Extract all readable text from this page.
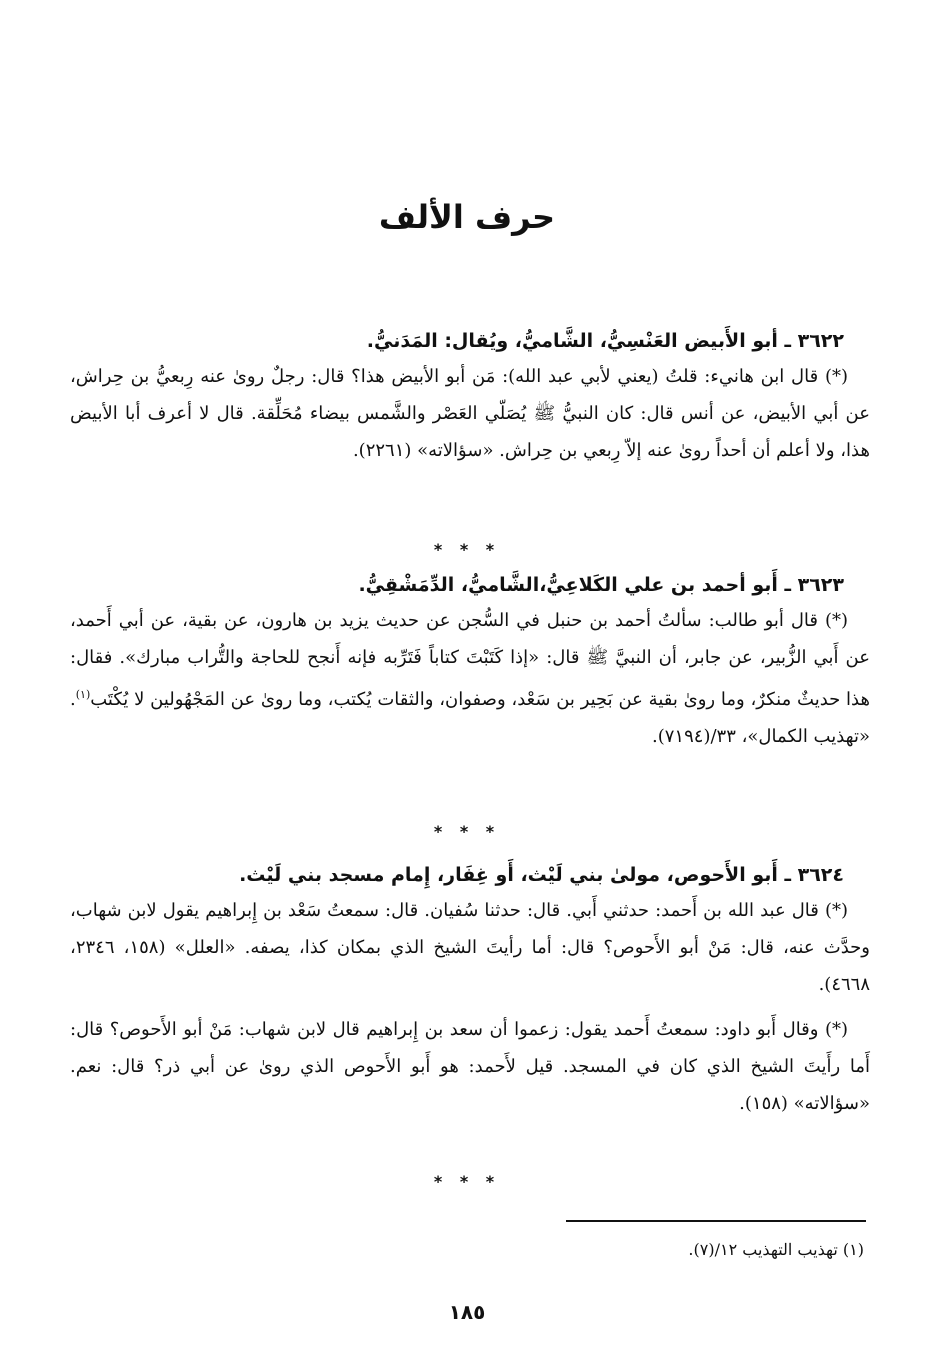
حرف الألف

٣٦٢٢ ـ أبو الأَبيض العَنْسِيُّ، الشَّاميُّ، ويُقال: المَدَنيُّ.

(*) قال ابن هانيء: قلتُ (يعني لأبي عبد الله): مَن أبو الأبيض هذا؟ قال: رجلٌ روىٰ عنه رِبعيُّ بن حِراش، عن أبي الأبيض، عن أنس قال: كان النبيُّ ﷺ يُصَلّي العَصْر والشَّمس بيضاء مُحَلِّقة. قال لا أعرف أبا الأبيض هذا، ولا أعلم أن أحداً روىٰ عنه إلاّ رِبعي بن حِراش. «سؤالاته» (٢٢٦١).

* * *

٣٦٢٣ ـ أَبو أحمد بن علي الكَلاعِيُّ،الشَّاميُّ، الدِّمَشْقِيُّ.

(*) قال أبو طالب: سألتُ أحمد بن حنبل في السُّجن عن حديث يزيد بن هارون، عن بقية، عن أبي أَحمد، عن أَبي الزُّبير، عن جابر، أن النبيَّ ﷺ قال: «إذا كَتَبْتَ كتاباً فَتَرِّبه فإنه أَنجح للحاجة والتُّراب مبارك». فقال: هذا حديثٌ منكرٌ، وما روىٰ بقية عن بَحِير بن سَعْد، وصفوان، والثقات يُكتب، وما روىٰ عن المَجْهُولين لا يُكْتَب$^{(١)}$. «تهذيب الكمال»، ٣٣/(٧١٩٤).

* * *

٣٦٢٤ ـ أَبو الأَحوص، مولىٰ بني لَيْث، أَو غِفَار، إِمام مسجد بني لَيْث.

(*) قال عبد الله بن أَحمد: حدثني أَبي. قال: حدثنا سُفيان. قال: سمعتُ سَعْد بن إِبراهيم يقول لابن شهاب، وحدَّث عنه، قال: مَنْ أبو الأَحوص؟ قال: أما رأيتَ الشيخ الذي بمكان كذا، يصفه. «العلل» (١٥٨، ٢٣٤٦، ٤٦٦٨).

(*) وقال أَبو داود: سمعتُ أَحمد يقول: زعموا أن سعد بن إِبراهيم قال لابن شهاب: مَنْ أبو الأَحوص؟ قال: أَما رأَيتَ الشيخ الذي كان في المسجد. قيل لأَحمد: هو أَبو الأَحوص الذي روىٰ عن أبي ذر؟ قال: نعم. «سؤالاته» (١٥٨).

* * *
(١) تهذيب التهذيب ١٢/(٧).
١٨٥
